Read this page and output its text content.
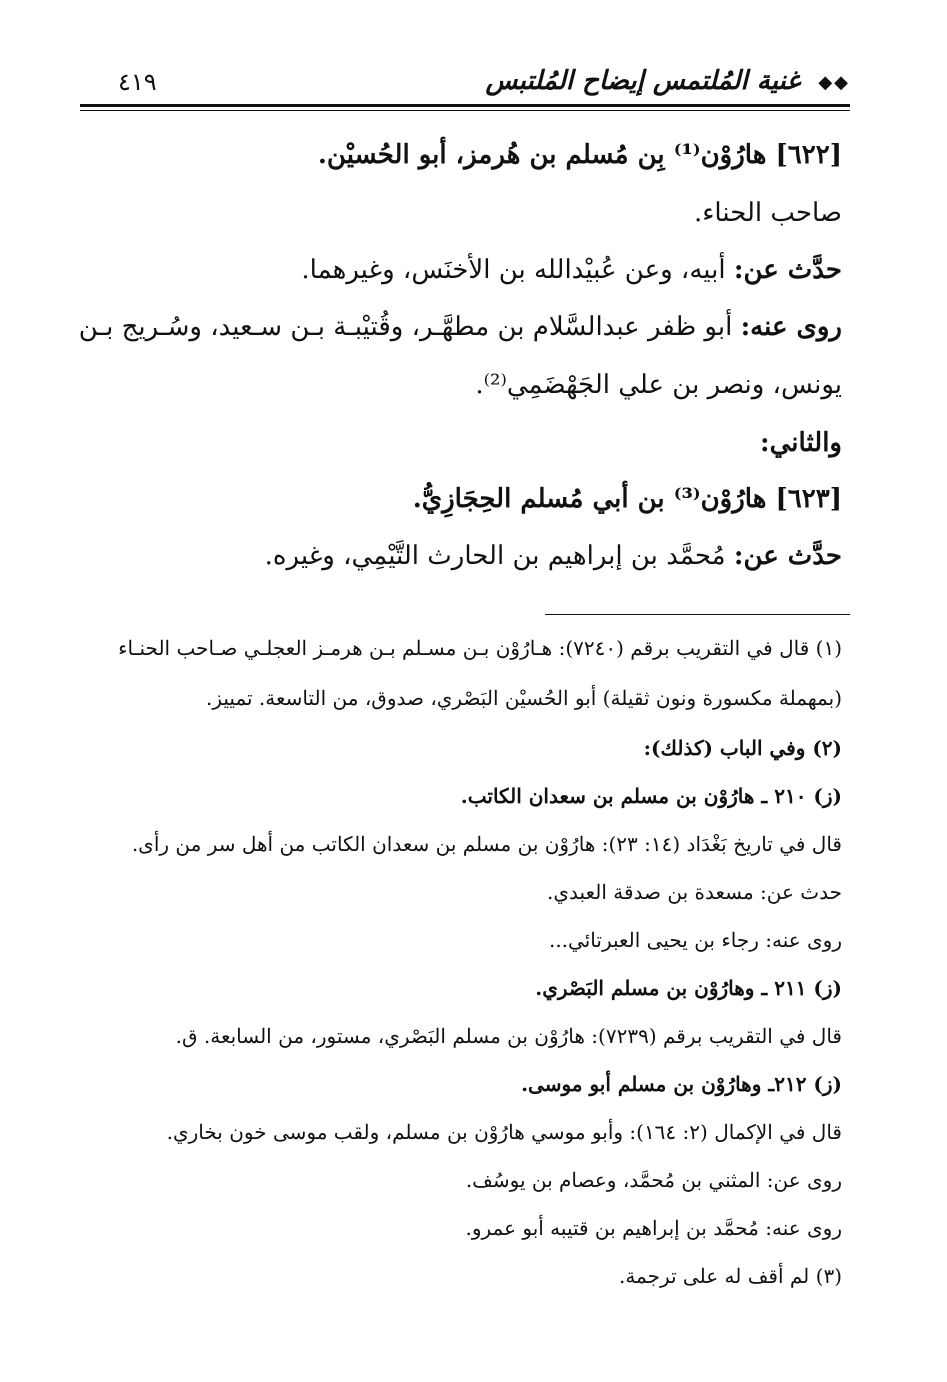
◆◆
غنية المُلتمس إيضاح المُلتبس
٤١٩
[٦٢٢] هارُوْن⁽¹⁾ بِن مُسلم بن هُرمز، أبو الحُسيْن.
صاحب الحناء.
حدَّث عن: أبيه، وعن عُبيْدالله بن الأخنَس، وغيرهما.
روى عنه: أبو ظفر عبدالسَّلام بن مطهَّـر، وقُتيْبـة بـن سـعيد، وسُـريج بـن
يونس، ونصر بن علي الجَهْضَمِي⁽²⁾.
والثاني:
[٦٢٣] هارُوْن⁽³⁾ بن أبي مُسلم الحِجَازِيُّ.
حدَّث عن: مُحمَّد بن إبراهيم بن الحارث التَّيْمِي، وغيره.
(١) قال في التقريب برقم (٧٢٤٠): هـارُوْن بـن مسـلم بـن هرمـز العجلـي صـاحب الحنـاء
(بمهملة مكسورة ونون ثقيلة) أبو الحُسيْن البَصْري، صدوق، من التاسعة. تمييز.
(٢) وفي الباب (كذلك):
(ز) ٢١٠ ـ هارُوْن بن مسلم بن سعدان الكاتب.
قال في تاريخ بَغْدَاد (١٤: ٢٣): هارُوْن بن مسلم بن سعدان الكاتب من أهل سر من رأى.
حدث عن: مسعدة بن صدقة العبدي.
روى عنه: رجاء بن يحيى العبرتائي...
(ز) ٢١١ ـ وهارُوْن بن مسلم البَصْري.
قال في التقريب برقم (٧٢٣٩): هارُوْن بن مسلم البَصْري، مستور، من السابعة. ق.
(ز) ٢١٢ـ وهارُوْن بن مسلم أبو موسى.
قال في الإكمال (٢: ١٦٤): وأبو موسي هارُوْن بن مسلم، ولقب موسى خون بخاري.
روى عن: المثني بن مُحمَّد، وعصام بن يوسُف.
روى عنه: مُحمَّد بن إبراهيم بن قتيبه أبو عمرو.
(٣) لم أقف له على ترجمة.
